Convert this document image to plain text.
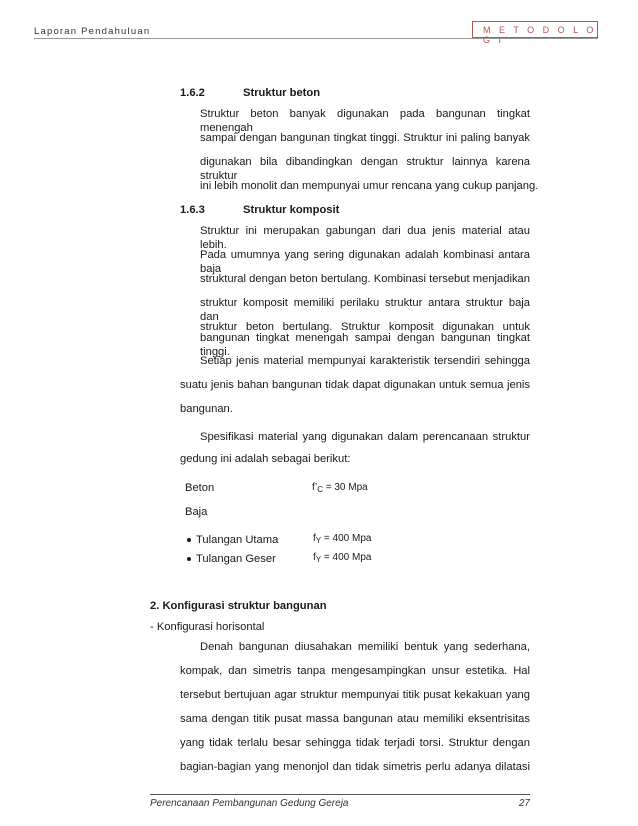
Laporan Pendahuluan	M E T O D O L O G I
1.6.2	Struktur beton
Struktur beton banyak digunakan pada bangunan tingkat menengah
sampai dengan bangunan tingkat tinggi. Struktur ini paling banyak
digunakan bila dibandingkan dengan struktur lainnya karena struktur
ini lebih monolit dan mempunyai umur rencana yang cukup panjang.
1.6.3	Struktur komposit
Struktur ini merupakan gabungan dari dua jenis material atau lebih.
Pada umumnya yang sering digunakan adalah kombinasi antara baja
struktural dengan beton bertulang. Kombinasi tersebut menjadikan
struktur komposit memiliki perilaku struktur antara struktur baja dan
struktur beton bertulang. Struktur komposit digunakan untuk
bangunan tingkat menengah sampai dengan bangunan tingkat tinggi.
Setiap jenis material mempunyai karakteristik tersendiri sehingga
suatu jenis bahan bangunan tidak dapat digunakan untuk semua jenis
bangunan.
Spesifikasi material yang digunakan dalam perencanaan struktur
gedung ini adalah sebagai berikut:
Beton	$f’_C = 30$ Mpa
Baja
Tulangan Utama	$f_Y = 400$ Mpa
Tulangan Geser	$f_Y = 400$ Mpa
2. Konfigurasi struktur bangunan
- Konfigurasi horisontal
Denah bangunan diusahakan memiliki bentuk yang sederhana,
kompak, dan simetris tanpa mengesampingkan unsur estetika. Hal
tersebut bertujuan agar struktur mempunyai titik pusat kekakuan yang
sama dengan titik pusat massa bangunan atau memiliki eksentrisitas
yang tidak terlalu besar sehingga tidak terjadi torsi. Struktur dengan
bagian-bagian yang menonjol dan tidak simetris perlu adanya dilatasi
Perencanaan Pembangunan Gedung Gereja	27
